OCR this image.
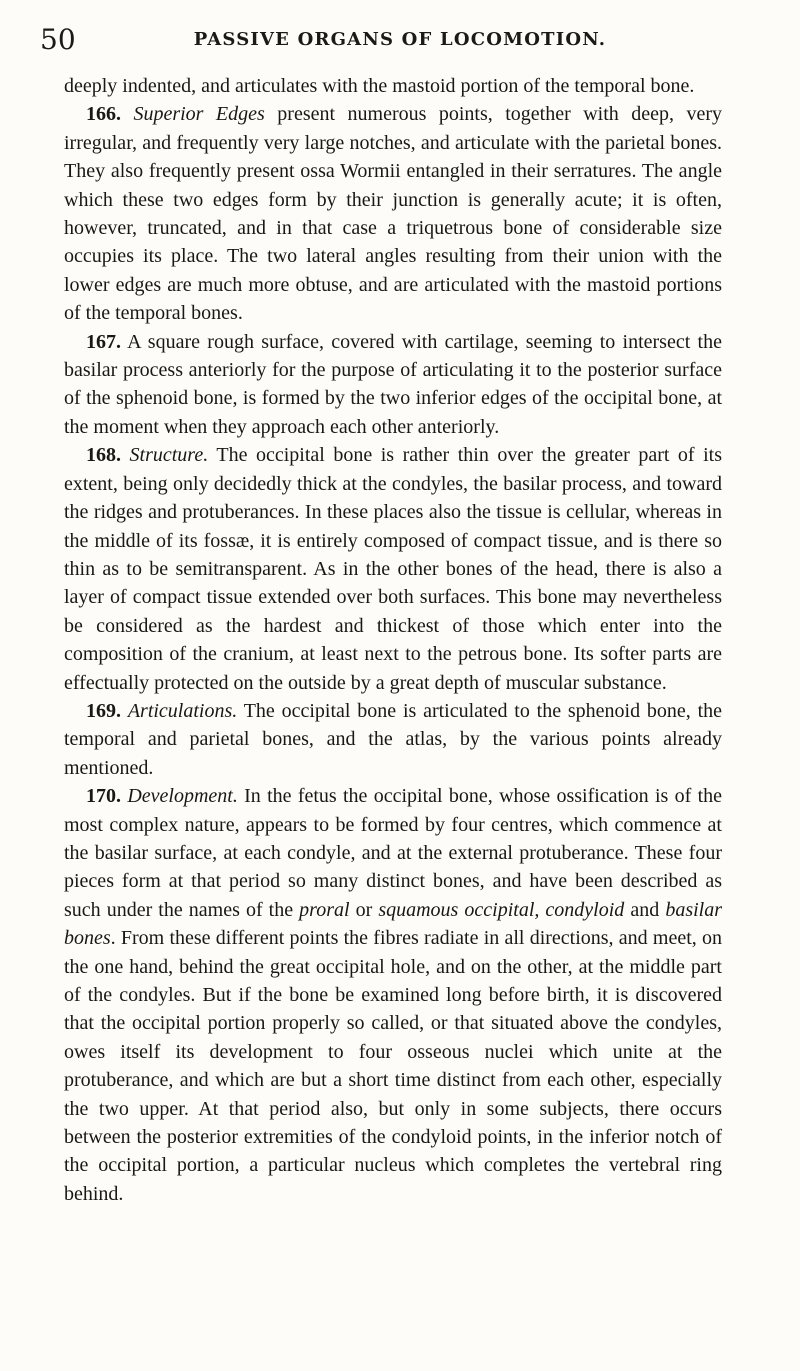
50	PASSIVE ORGANS OF LOCOMOTION.

deeply indented, and articulates with the mastoid portion of the temporal bone.

166. Superior Edges present numerous points, together with deep, very irregular, and frequently very large notches, and articulate with the parietal bones. They also frequently present ossa Wormii entangled in their serratures. The angle which these two edges form by their junction is generally acute; it is often, however, truncated, and in that case a triquetrous bone of considerable size occupies its place. The two lateral angles resulting from their union with the lower edges are much more obtuse, and are articulated with the mastoid portions of the temporal bones.

167. A square rough surface, covered with cartilage, seeming to intersect the basilar process anteriorly for the purpose of articulating it to the posterior surface of the sphenoid bone, is formed by the two inferior edges of the occipital bone, at the moment when they approach each other anteriorly.

168. Structure. The occipital bone is rather thin over the greater part of its extent, being only decidedly thick at the condyles, the basilar process, and toward the ridges and protuberances. In these places also the tissue is cellular, whereas in the middle of its fossæ, it is entirely composed of compact tissue, and is there so thin as to be semitransparent. As in the other bones of the head, there is also a layer of compact tissue extended over both surfaces. This bone may nevertheless be considered as the hardest and thickest of those which enter into the composition of the cranium, at least next to the petrous bone. Its softer parts are effectually protected on the outside by a great depth of muscular substance.

169. Articulations. The occipital bone is articulated to the sphenoid bone, the temporal and parietal bones, and the atlas, by the various points already mentioned.

170. Development. In the fetus the occipital bone, whose ossification is of the most complex nature, appears to be formed by four centres, which commence at the basilar surface, at each condyle, and at the external protuberance. These four pieces form at that period so many distinct bones, and have been described as such under the names of the proral or squamous occipital, condyloid and basilar bones. From these different points the fibres radiate in all directions, and meet, on the one hand, behind the great occipital hole, and on the other, at the middle part of the condyles. But if the bone be examined long before birth, it is discovered that the occipital portion properly so called, or that situated above the condyles, owes itself its development to four osseous nuclei which unite at the protuberance, and which are but a short time distinct from each other, especially the two upper. At that period also, but only in some subjects, there occurs between the posterior extremities of the condyloid points, in the inferior notch of the occipital portion, a particular nucleus which completes the vertebral ring behind.
